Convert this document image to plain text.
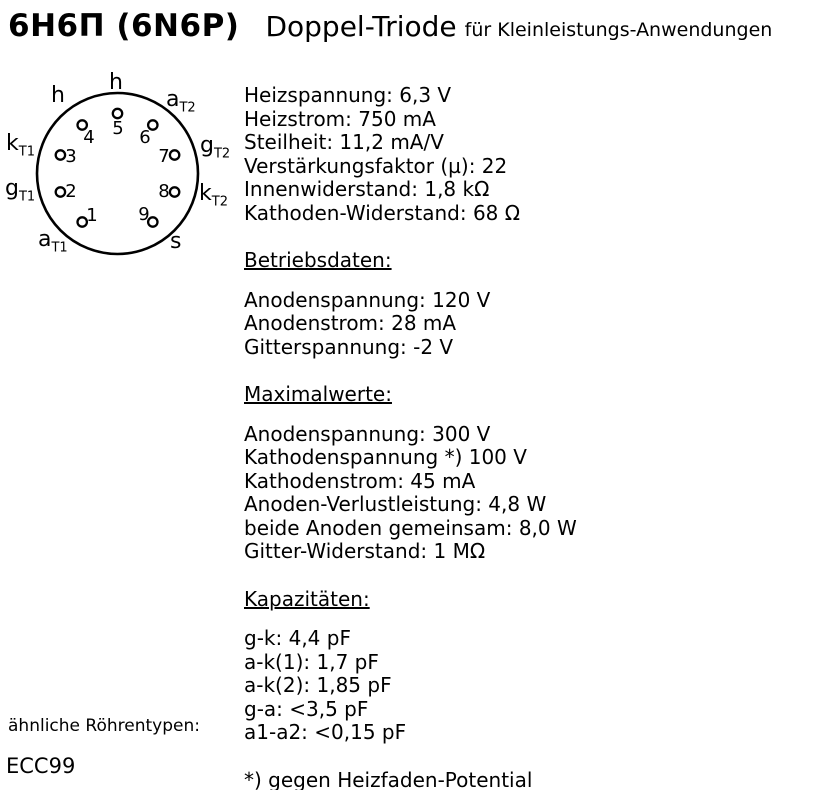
6Н6П (6N6P) Doppel-Triode für Kleinleistungs-Anwendungen
1
2
3
4 5 6
7
8
9
h
h
$a_{T2}$
$k_{T1}$	$g_{T2}$
$g_{T1}$	$k_{T2}$
$a_{T1}$	s
Heizspannung: 6,3 V
Heizstrom: 750 mA
Steilheit: 11,2 mA/V
Verstärkungsfaktor (µ): 22
Innenwiderstand: 1,8 kΩ
Kathoden-Widerstand: 68 Ω
Betriebsdaten:
Anodenspannung: 120 V
Anodenstrom: 28 mA
Gitterspannung: -2 V
Maximalwerte:
Anodenspannung: 300 V
Kathodenspannung *) 100 V
Kathodenstrom: 45 mA
Anoden-Verlustleistung: 4,8 W
beide Anoden gemeinsam: 8,0 W
Gitter-Widerstand: 1 MΩ
Kapazitäten:
g-k: 4,4 pF
a-k(1): 1,7 pF
a-k(2): 1,85 pF
g-a: <3,5 pF
a1-a2: <0,15 pF
*) gegen Heizfaden-Potential
ähnliche Röhrentypen:
ECC99
